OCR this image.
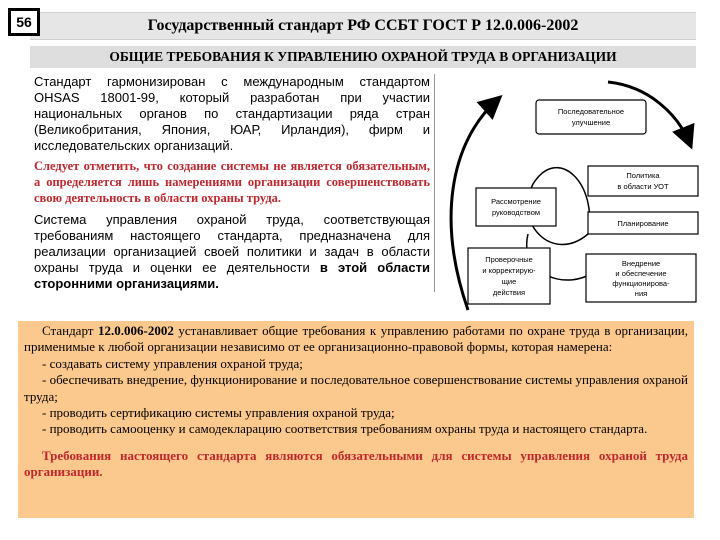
56	Государственный стандарт РФ ССБТ ГОСТ Р 12.0.006-2002
ОБЩИЕ ТРЕБОВАНИЯ К УПРАВЛЕНИЮ ОХРАНОЙ ТРУДА В ОРГАНИЗАЦИИ

Стандарт гармонизирован с международным стандартом OHSAS 18001-99, который разработан при участии национальных органов по стандартизации ряда стран (Великобритания, Япония, ЮАР, Ирландия), фирм и исследовательских организаций.

Следует отметить, что создание системы не является обязательным, а определяется лишь намерениями организации совершенствовать свою деятельность в области охраны труда.

Система управления охраной труда, соответствующая требованиям настоящего стандарта, предназначена для реализации организацией своей политики и задач в области охраны труда и оценки ее деятельности в этой области сторонними организациями.

Последовательное
улучшение
Политика
в области УОТ
Рассмотрение
руководством
Планирование
Проверочные
и корректирую-
щие
действия
Внедрение
и обеспечение
функционирова-
ния

Стандарт 12.0.006-2002 устанавливает общие требования к управлению работами по охране труда в организации, применимые к любой организации независимо от ее организационно-правовой формы, которая намерена:

- создавать систему управления охраной труда;

- обеспечивать внедрение, функционирование и последовательное совершенствование системы управления охраной труда;

- проводить сертификацию системы управления охраной труда;

- проводить самооценку и самодекларацию соответствия требованиям охраны труда и настоящего стандарта.

Требования настоящего стандарта являются обязательными для системы управления охраной труда организации.
